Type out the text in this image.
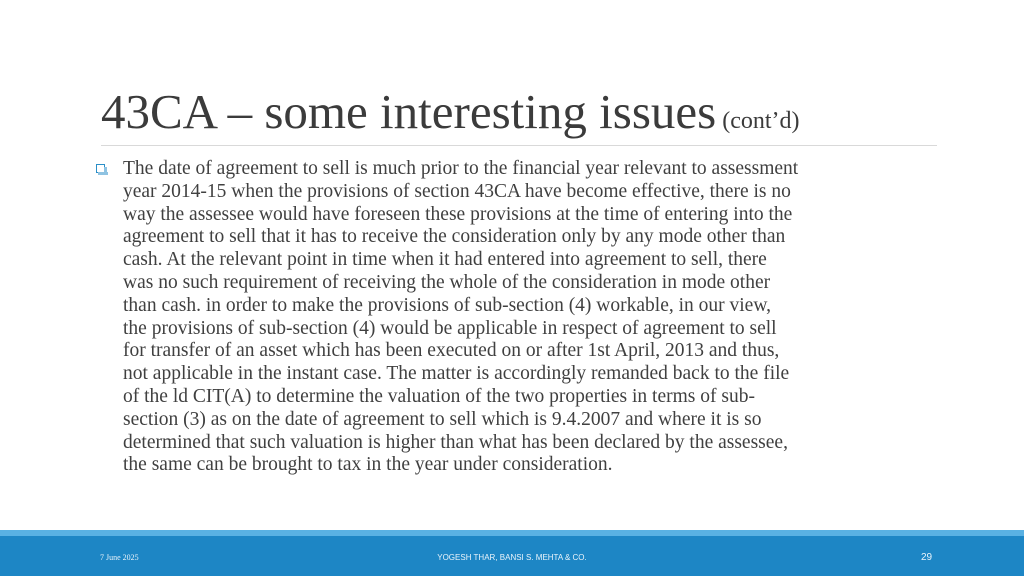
43CA – some interesting issues (cont’d)

The date of agreement to sell is much prior to the financial year relevant to assessment
year 2014-15 when the provisions of section 43CA have become effective, there is no
way the assessee would have foreseen these provisions at the time of entering into the
agreement to sell that it has to receive the consideration only by any mode other than
cash. At the relevant point in time when it had entered into agreement to sell, there
was no such requirement of receiving the whole of the consideration in mode other
than cash. in order to make the provisions of sub-section (4) workable, in our view,
the provisions of sub-section (4) would be applicable in respect of agreement to sell
for transfer of an asset which has been executed on or after 1st April, 2013 and thus,
not applicable in the instant case. The matter is accordingly remanded back to the file
of the ld CIT(A) to determine the valuation of the two properties in terms of sub-
section (3) as on the date of agreement to sell which is 9.4.2007 and where it is so
determined that such valuation is higher than what has been declared by the assessee,
the same can be brought to tax in the year under consideration.

7 June 2025	YOGESH THAR, BANSI S. MEHTA & CO.	29
